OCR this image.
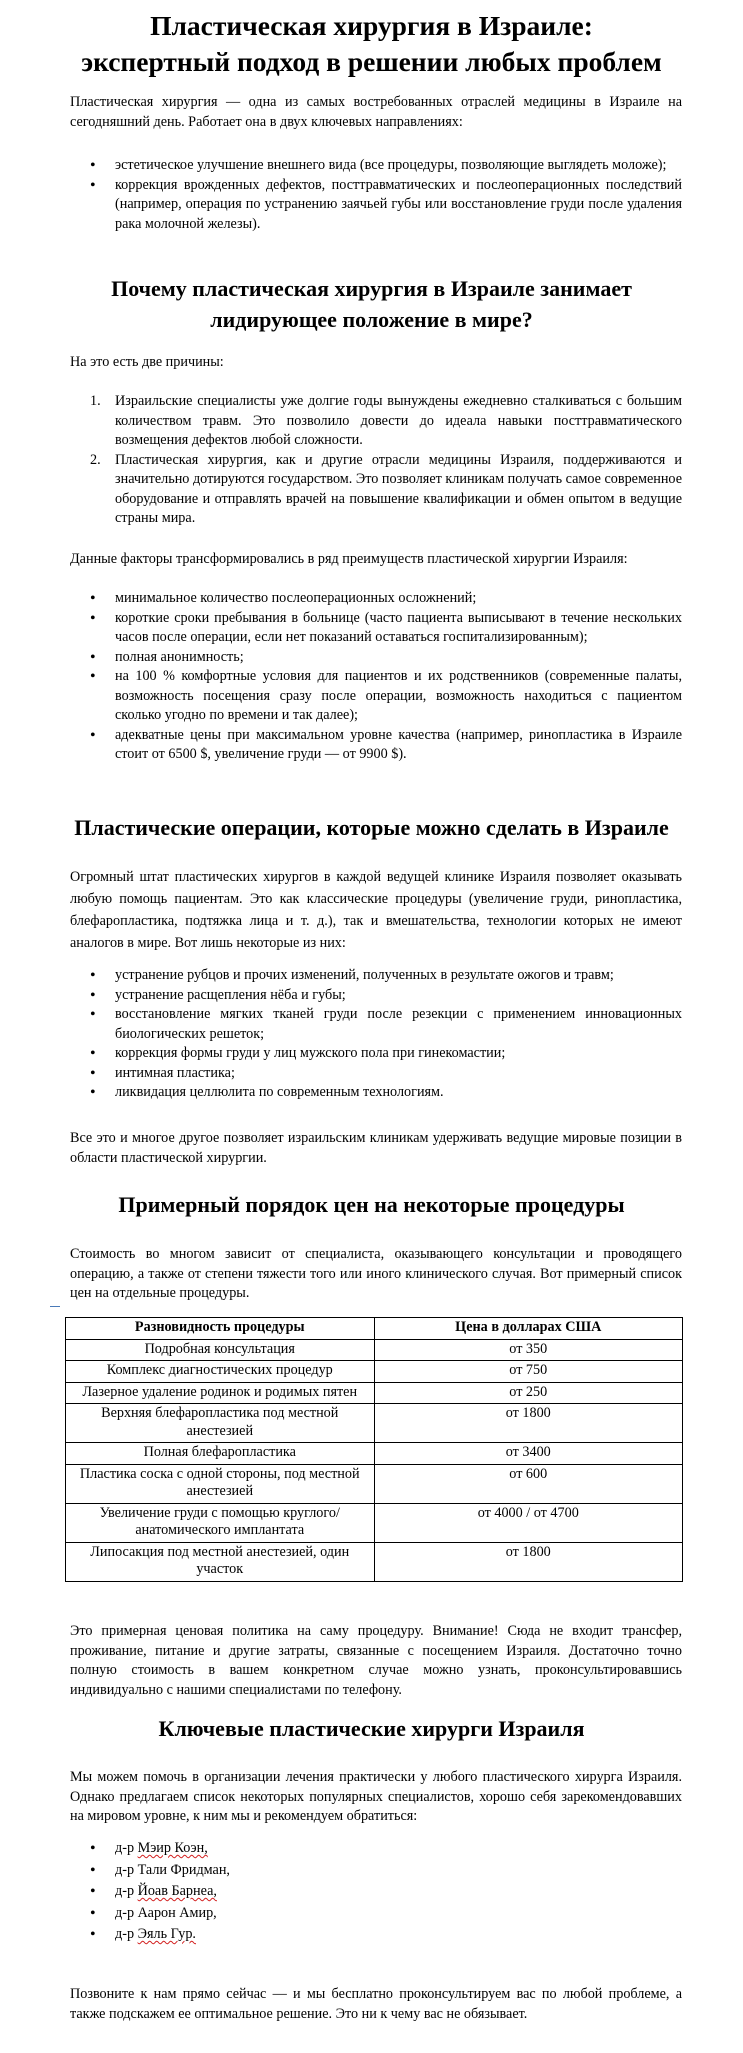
Пластическая хирургия в Израиле:
экспертный подход в решении любых проблем

Пластическая хирургия — одна из самых востребованных отраслей медицины в Израиле на сегодняшний день. Работает она в двух ключевых направлениях:

• эстетическое улучшение внешнего вида (все процедуры, позволяющие выглядеть моложе);
• коррекция врожденных дефектов, посттравматических и послеоперационных последствий (например, операция по устранению заячьей губы или восстановление груди после удаления рака молочной железы).
Почему пластическая хирургия в Израиле занимает
лидирующее положение в мире?

На это есть две причины:

Израильские специалисты уже долгие годы вынуждены ежедневно сталкиваться с большим количеством травм. Это позволило довести до идеала навыки посттравматического возмещения дефектов любой сложности.
Пластическая хирургия, как и другие отрасли медицины Израиля, поддерживаются и значительно дотируются государством. Это позволяет клиникам получать самое современное оборудование и отправлять врачей на повышение квалификации и обмен опытом в ведущие страны мира.

Данные факторы трансформировались в ряд преимуществ пластической хирургии Израиля:

• минимальное количество послеоперационных осложнений;
• короткие сроки пребывания в больнице (часто пациента выписывают в течение нескольких часов после операции, если нет показаний оставаться госпитализированным);
• полная анонимность;
• на 100 % комфортные условия для пациентов и их родственников (современные палаты, возможность посещения сразу после операции, возможность находиться с пациентом сколько угодно по времени и так далее);
• адекватные цены при максимальном уровне качества (например, ринопластика в Израиле стоит от 6500 $, увеличение груди — от 9900 $).
Пластические операции, которые можно сделать в Израиле

Огромный штат пластических хирургов в каждой ведущей клинике Израиля позволяет оказывать любую помощь пациентам. Это как классические процедуры (увеличение груди, ринопластика, блефаропластика, подтяжка лица и т. д.), так и вмешательства, технологии которых не имеют аналогов в мире. Вот лишь некоторые из них:

• устранение рубцов и прочих изменений, полученных в результате ожогов и травм;
• устранение расщепления нёба и губы;
• восстановление мягких тканей груди после резекции с применением инновационных биологических решеток;
• коррекция формы груди у лиц мужского пола при гинекомастии;
• интимная пластика;
• ликвидация целлюлита по современным технологиям.

Все это и многое другое позволяет израильским клиникам удерживать ведущие мировые позиции в области пластической хирургии.

Примерный порядок цен на некоторые процедуры

Стоимость во многом зависит от специалиста, оказывающего консультации и проводящего операцию, а также от степени тяжести того или иного клинического случая. Вот примерный список цен на отдельные процедуры.

Разновидность процедуры	Цена в долларах США
Подробная консультация	от 350
Комплекс диагностических процедур	от 750
Лазерное удаление родинок и родимых пятен	от 250
Верхняя блефаропластика под местной анестезией	от 1800
Полная блефаропластика	от 3400
Пластика соска с одной стороны, под местной анестезией	от 600
Увеличение груди с помощью круглого/анатомического имплантата	от 4000 / от 4700
Липосакция под местной анестезией, один участок	от 1800

Это примерная ценовая политика на саму процедуру. Внимание! Сюда не входит трансфер, проживание, питание и другие затраты, связанные с посещением Израиля. Достаточно точно полную стоимость в вашем конкретном случае можно узнать, проконсультировавшись индивидуально с нашими специалистами по телефону.

Ключевые пластические хирурги Израиля

Мы можем помочь в организации лечения практически у любого пластического хирурга Израиля. Однако предлагаем список некоторых популярных специалистов, хорошо себя зарекомендовавших на мировом уровне, к ним мы и рекомендуем обратиться:

• д-р Мэир Коэн,
• д-р Тали Фридман,
• д-р Йоав Барнеа,
• д-р Аарон Амир,
• д-р Эяль Гур.

Позвоните к нам прямо сейчас — и мы бесплатно проконсультируем вас по любой проблеме, а также подскажем ее оптимальное решение. Это ни к чему вас не обязывает.
